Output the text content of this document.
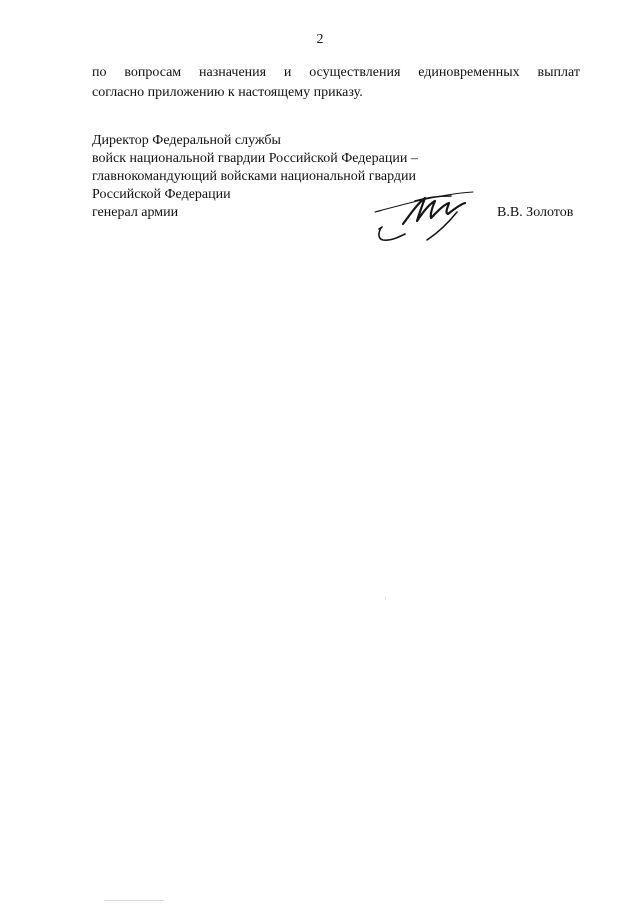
2
по вопросам назначения и осуществления единовременных выплат
согласно приложению к настоящему приказу.
Директор Федеральной службы
войск национальной гвардии Российской Федерации –
главнокомандующий войсками национальной гвардии
Российской Федерации
генерал армии	В.В. Золотов
